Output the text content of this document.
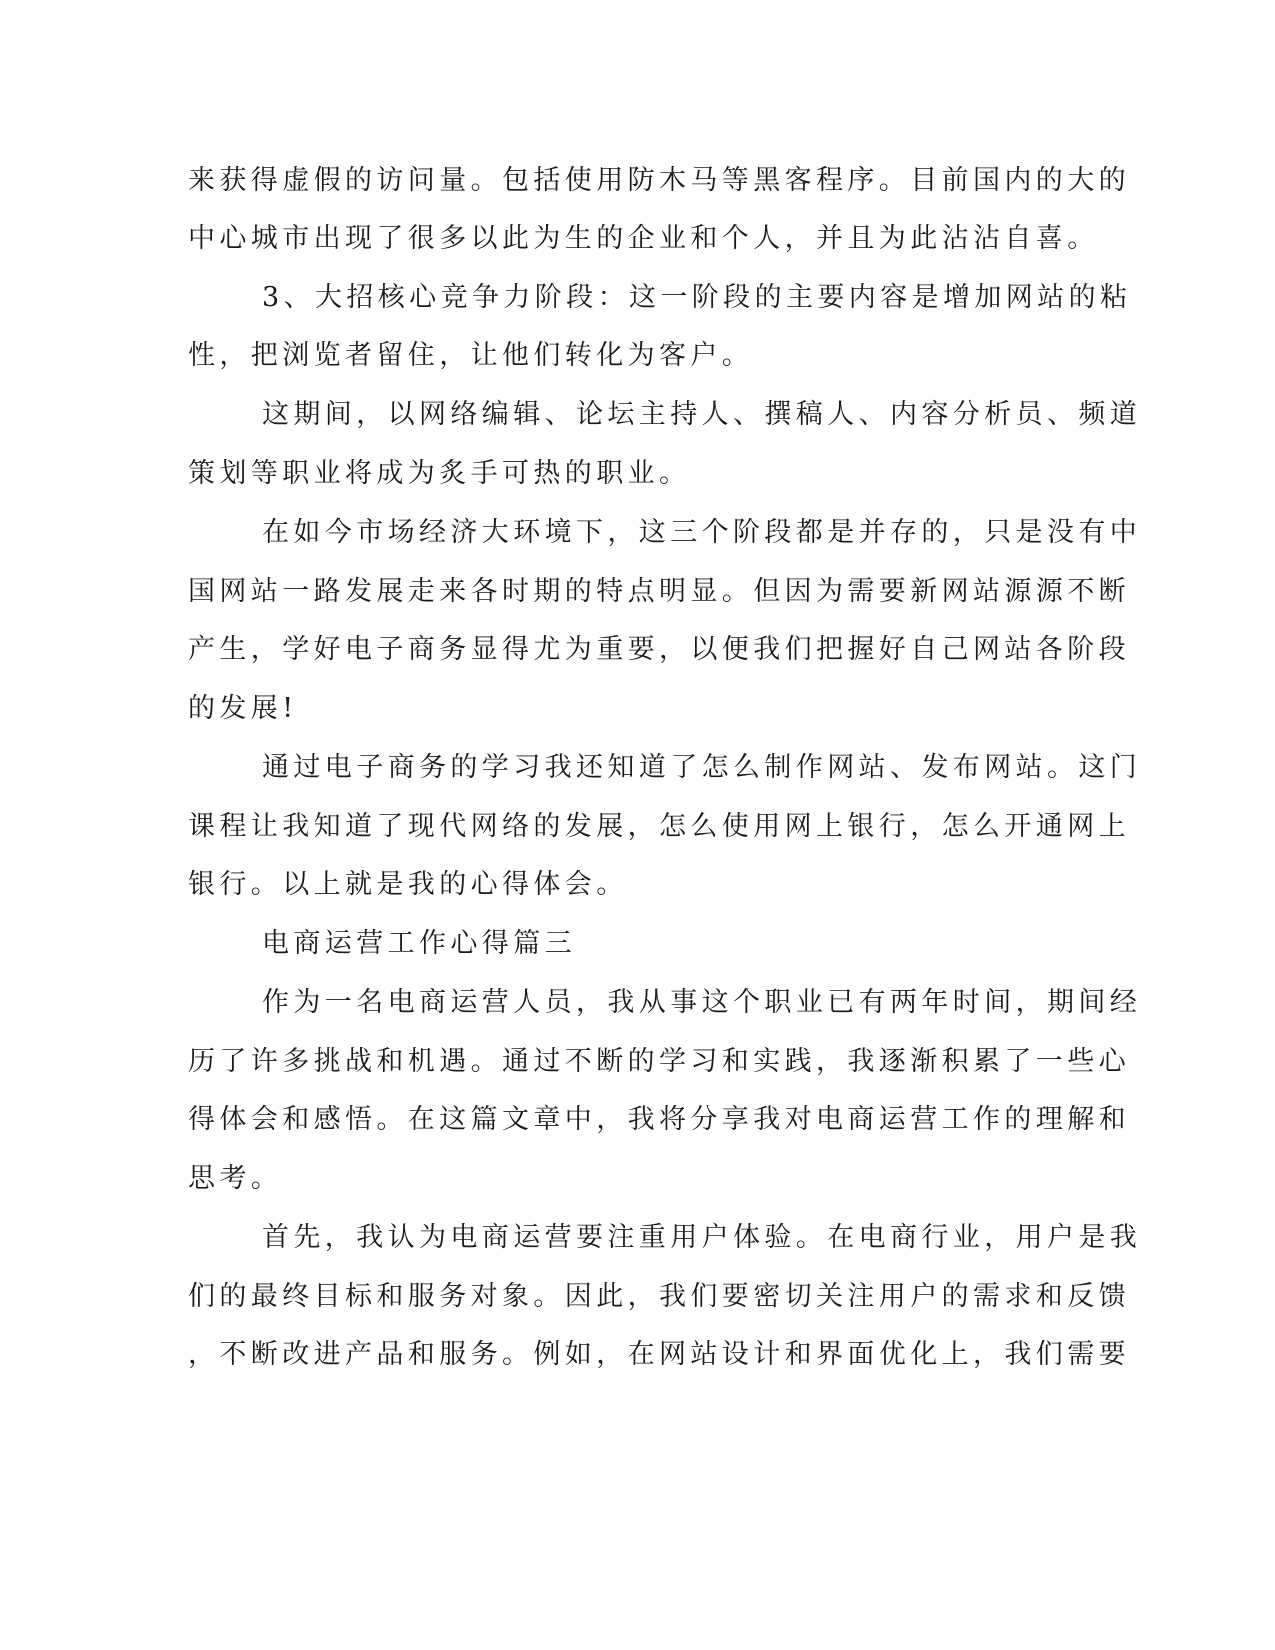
来获得虚假的访问量。包括使用防木马等黑客程序。目前国内的大的

中心城市出现了很多以此为生的企业和个人，并且为此沾沾自喜。

3、大招核心竞争力阶段：这一阶段的主要内容是增加网站的粘

性，把浏览者留住，让他们转化为客户。

这期间，以网络编辑、论坛主持人、撰稿人、内容分析员、频道

策划等职业将成为炙手可热的职业。

在如今市场经济大环境下，这三个阶段都是并存的，只是没有中

国网站一路发展走来各时期的特点明显。但因为需要新网站源源不断

产生，学好电子商务显得尤为重要，以便我们把握好自己网站各阶段

的发展!

通过电子商务的学习我还知道了怎么制作网站、发布网站。这门

课程让我知道了现代网络的发展，怎么使用网上银行，怎么开通网上

银行。以上就是我的心得体会。

电商运营工作心得篇三

作为一名电商运营人员，我从事这个职业已有两年时间，期间经

历了许多挑战和机遇。通过不断的学习和实践，我逐渐积累了一些心

得体会和感悟。在这篇文章中，我将分享我对电商运营工作的理解和

思考。

首先，我认为电商运营要注重用户体验。在电商行业，用户是我

们的最终目标和服务对象。因此，我们要密切关注用户的需求和反馈

，不断改进产品和服务。例如，在网站设计和界面优化上，我们需要
